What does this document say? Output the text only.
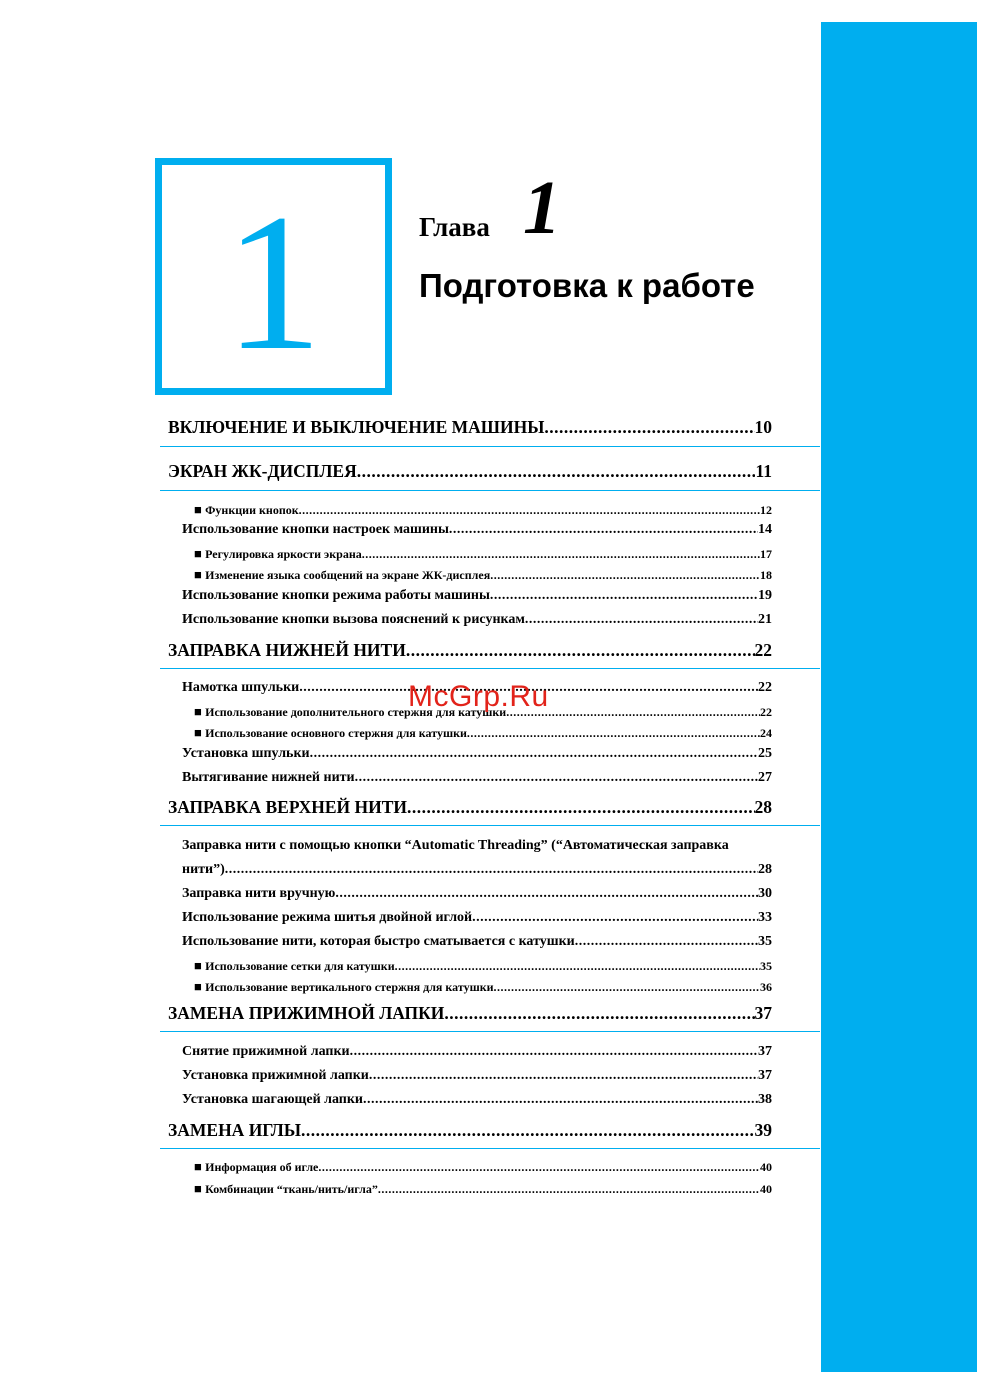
1	Глава 1
Подготовка к работе
ВКЛЮЧЕНИЕ И ВЫКЛЮЧЕНИЕ МАШИНЫ .....	10
ЭКРАН ЖК-ДИСПЛЕЯ .....	11
■ Функции кнопок .....	12
Использование кнопки настроек машины .....	14
■ Регулировка яркости экрана .....	17
■ Изменение языка сообщений на экране ЖК-дисплея .....	18
Использование кнопки режима работы машины .....	19
Использование кнопки вызова пояснений к рисункам .....	21
ЗАПРАВКА НИЖНЕЙ НИТИ .....	22
Намотка шпульки .....	22
■ Использование дополнительного стержня для катушки .....	22
■ Использование основного стержня для катушки .....	24
Установка шпульки .....	25
Вытягивание нижней нити .....	27
ЗАПРАВКА ВЕРХНЕЙ НИТИ .....	28
Заправка нити с помощью кнопки “Automatic Threading” (“Автоматическая заправка
нити”) .....	28
Заправка нити вручную .....	30
Использование режима шитья двойной иглой .....	33
Использование нити, которая быстро сматывается с катушки .....	35
■ Использование сетки для катушки .....	35
■ Использование вертикального стержня для катушки .....	36
ЗАМЕНА ПРИЖИМНОЙ ЛАПКИ .....	37
Снятие прижимной лапки .....	37
Установка прижимной лапки .....	37
Установка шагающей лапки .....	38
ЗАМЕНА ИГЛЫ .....	39
■ Информация об игле .....	40
■ Комбинации “ткань/нить/игла” .....	40
McGrp.Ru
